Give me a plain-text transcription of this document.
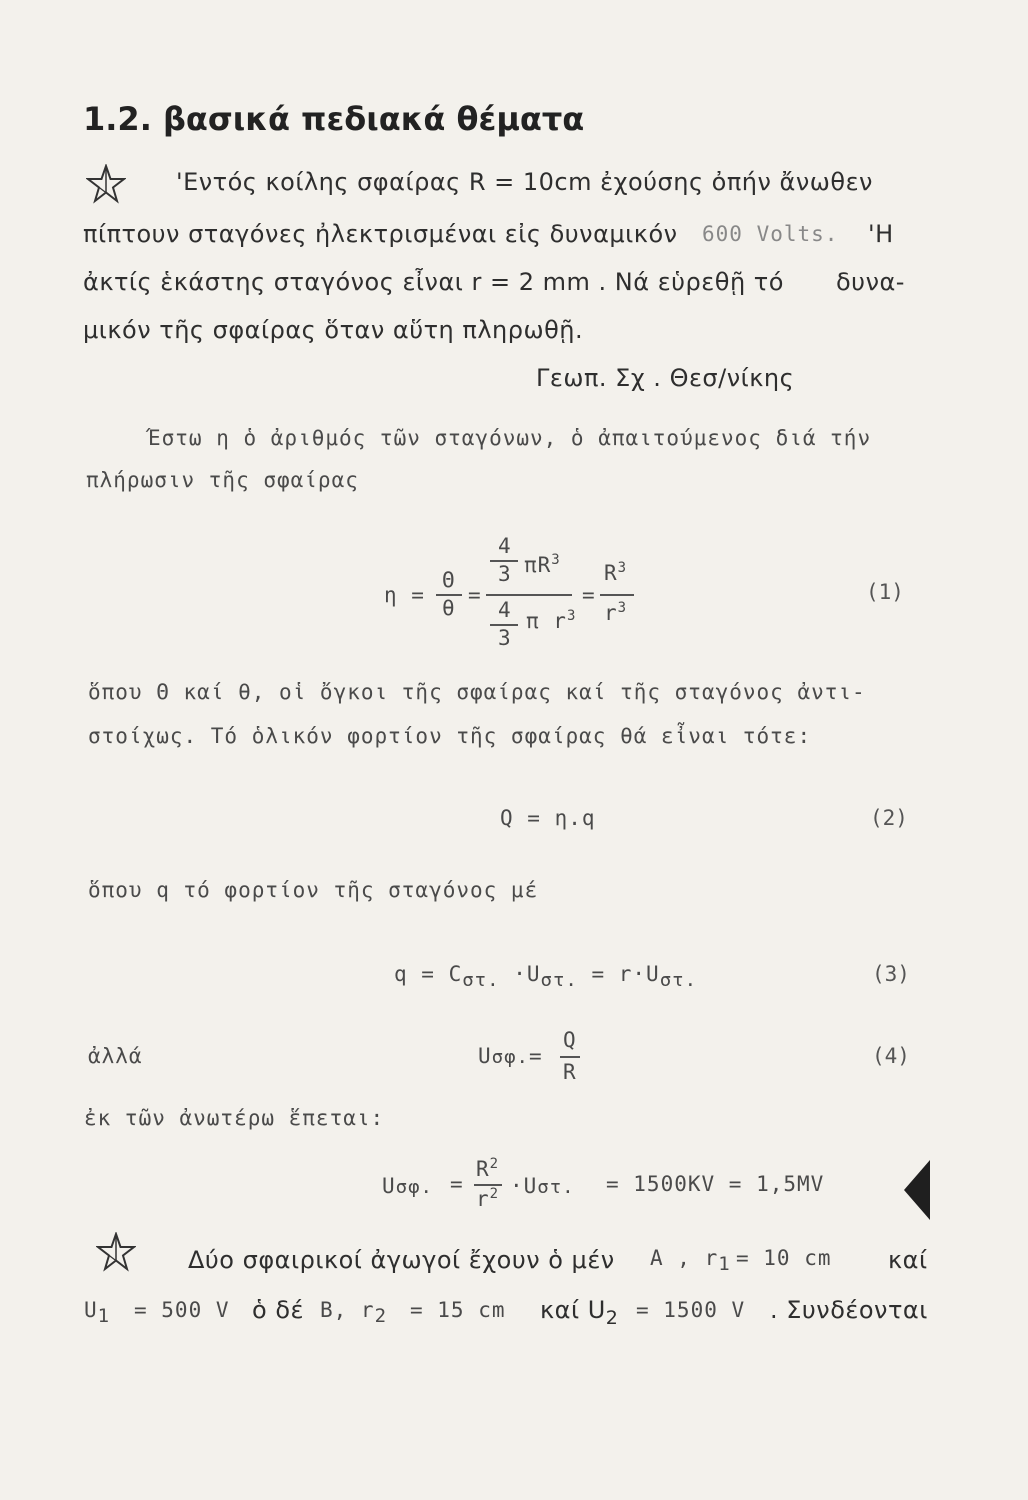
1.2. βασικά πεδιακά θέματα
'Εντός κοίλης σφαίρας R = 10cm ἐχούσης ὀπήν ἄνωθεν
πίπτουν σταγόνες ἠλεκτρισμέναι εἰς δυναμικόν 600 Volts. 'Η
ἀκτίς ἑκάστης σταγόνος εἶναι r = 2 mm . Νά εὑρεθῇ τό δυνα-
μικόν τῆς σφαίρας ὅταν αὕτη πληρωθῇ.
Γεωπ. Σχ . Θεσ/νίκης
Έστω η ὁ ἀριθμός τῶν σταγόνων, ὁ ἀπαιτούμενος διά τήν
πλήρωσιν τῆς σφαίρας
η =
Θ
θ
=
4
3 $\pi R^3$
4
3
π $r^3$
=
$R^3$
$r^3$
(1)
ὅπου Θ καί θ, οἱ ὄγκοι τῆς σφαίρας καί τῆς σταγόνος ἀντι-
στοίχως. Τό ὁλικόν φορτίον τῆς σφαίρας θά εἶναι τότε:
Q = η.q	(2)
ὅπου q τό φορτίον τῆς σταγόνος μέ
$q = C_{\sigma\tau.} \cdot U_{\sigma\tau.} = r\cdot U_{\sigma\tau.}$	(3)
ἀλλά	Uσφ.=
Q
R
(4)
ἐκ τῶν ἀνωτέρω ἕπεται:
Uσφ. =
$R^2$
$r^2 \cdot U\sigma\tau$. = 1500KV = 1,5MV
Δύο σφαιρικοί ἀγωγοί ἔχουν ὁ μέν A , $r_1 = 10$ cm καί
$U_1 = 500$ V ὁ δέ B, $r_2 = 15$ cm καί $U_2 = 1500$ V . Συνδέονται
